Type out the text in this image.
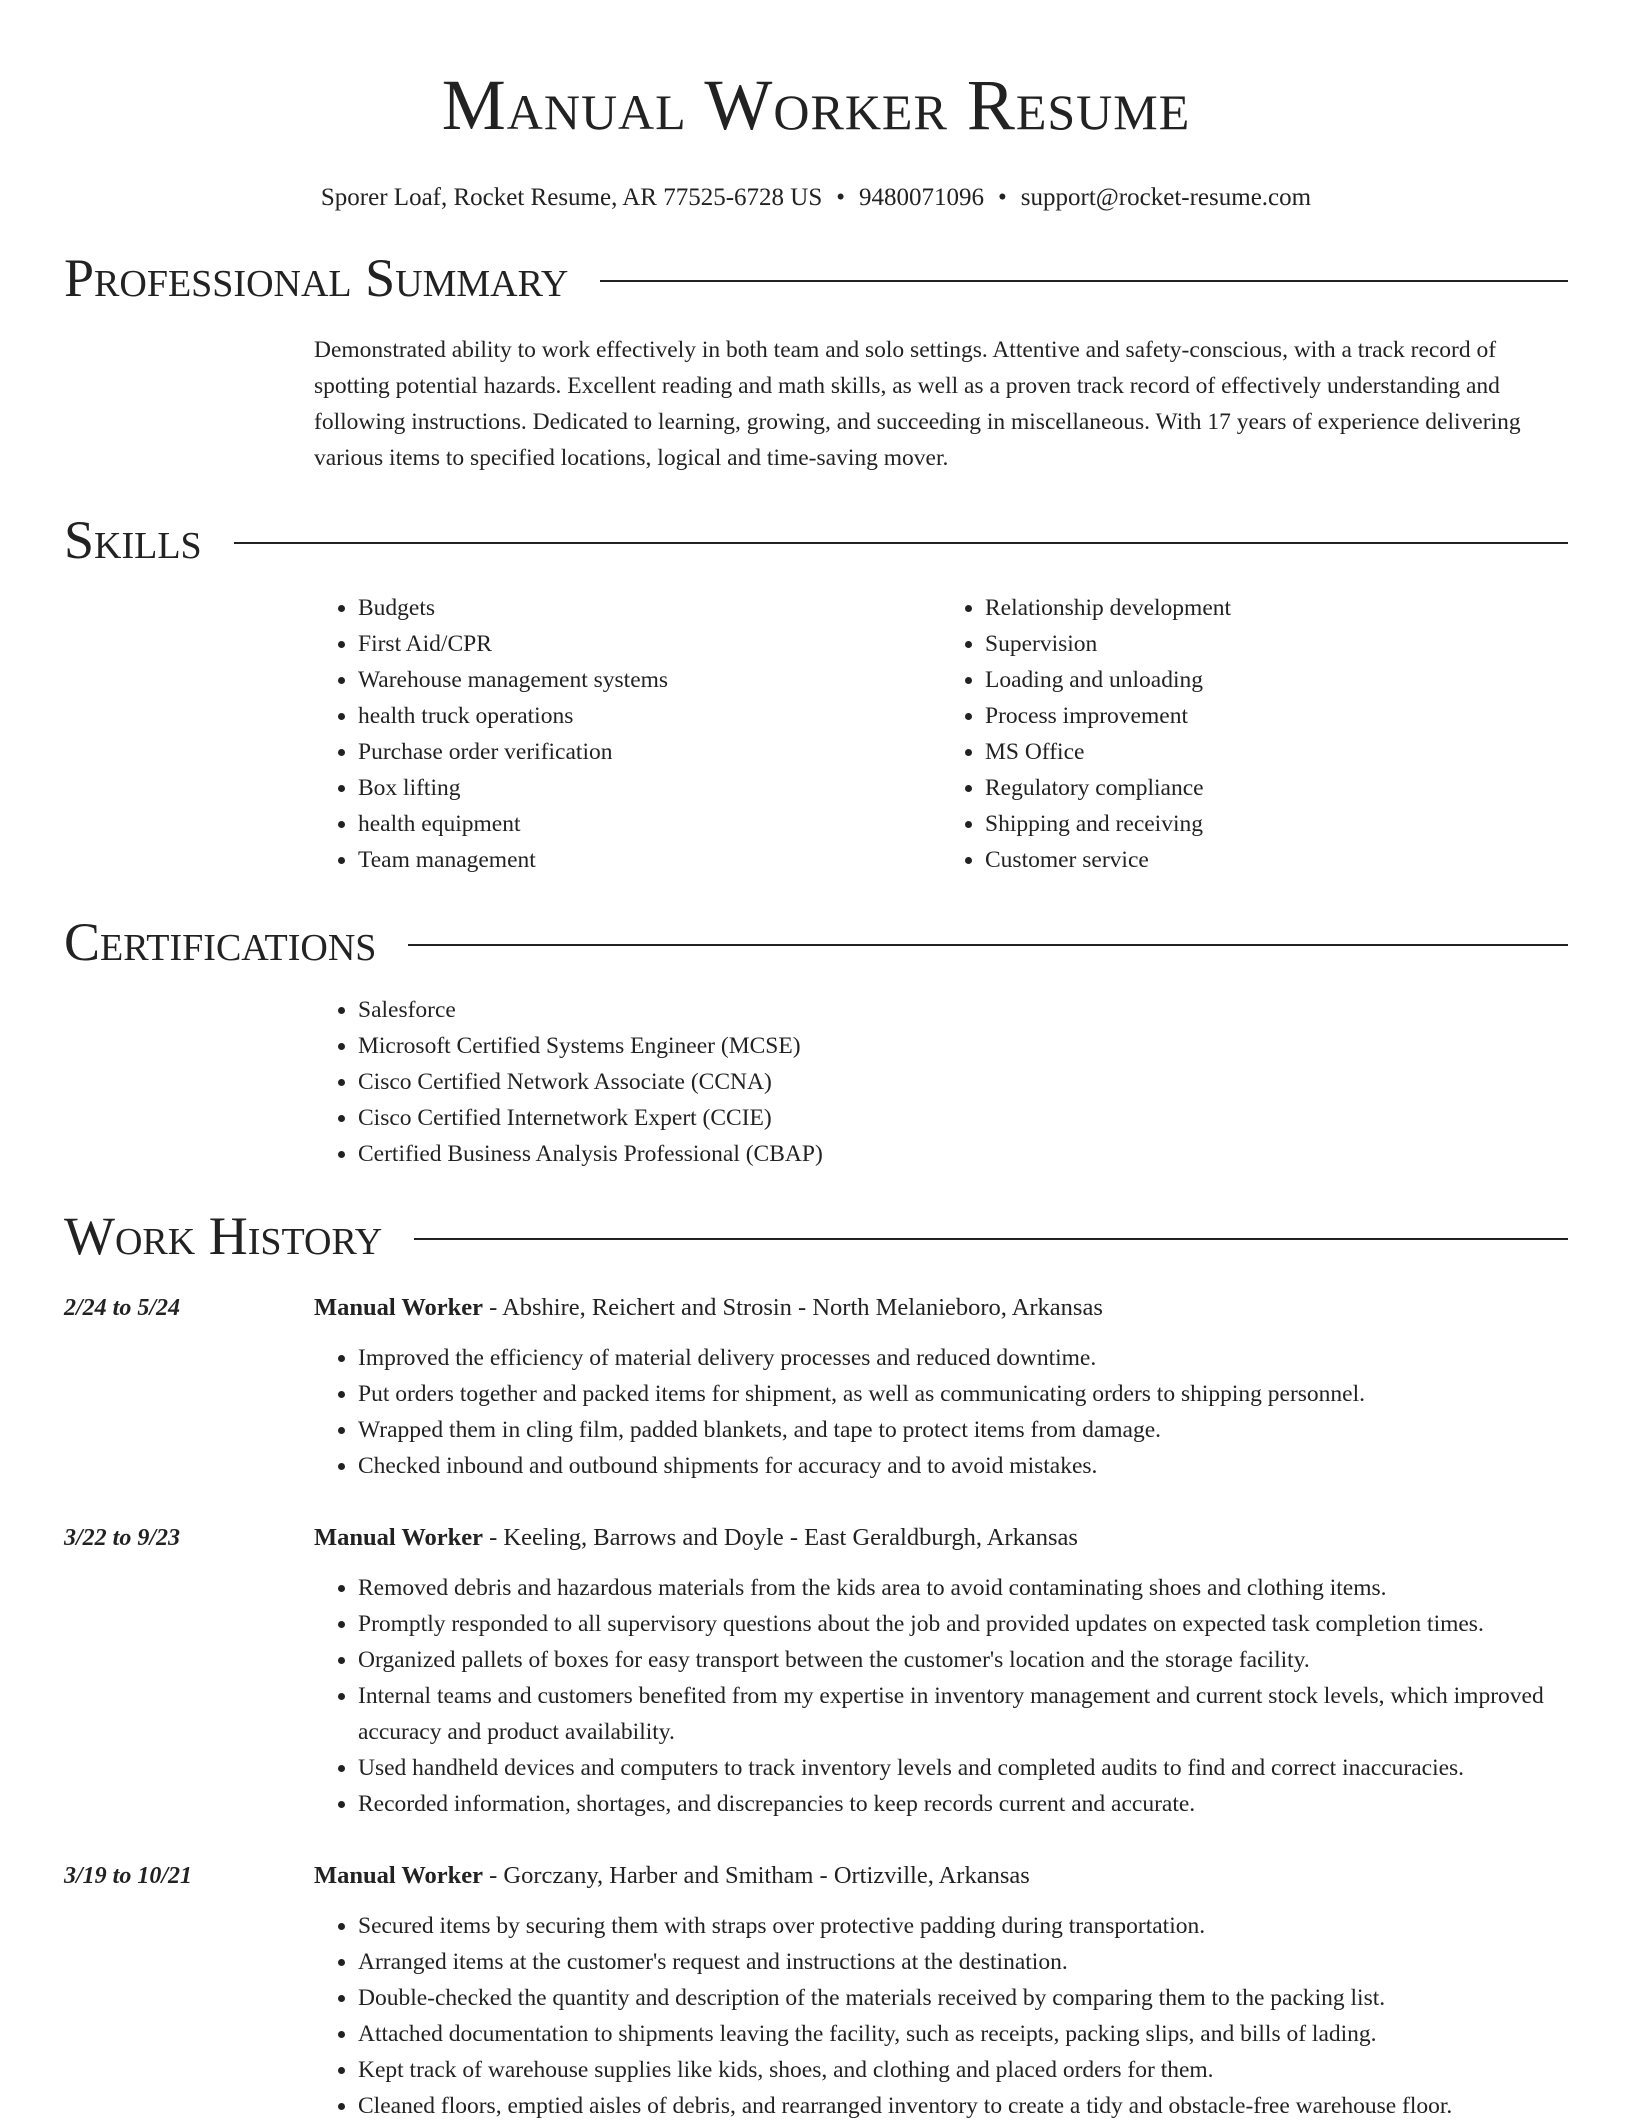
Manual Worker Resume
Sporer Loaf, Rocket Resume, AR 77525-6728 US • 9480071096 • support@rocket-resume.com
Professional Summary
Demonstrated ability to work effectively in both team and solo settings. Attentive and safety-conscious, with a track record of spotting potential hazards. Excellent reading and math skills, as well as a proven track record of effectively understanding and following instructions. Dedicated to learning, growing, and succeeding in miscellaneous. With 17 years of experience delivering various items to specified locations, logical and time-saving mover.
Skills
• Budgets
• First Aid/CPR
• Warehouse management systems
• health truck operations
• Purchase order verification
• Box lifting
• health equipment
• Team management
• Relationship development
• Supervision
• Loading and unloading
• Process improvement
• MS Office
• Regulatory compliance
• Shipping and receiving
• Customer service
Certifications
• Salesforce
• Microsoft Certified Systems Engineer (MCSE)
• Cisco Certified Network Associate (CCNA)
• Cisco Certified Internetwork Expert (CCIE)
• Certified Business Analysis Professional (CBAP)
Work History
2/24 to 5/24	Manual Worker - Abshire, Reichert and Strosin - North Melanieboro, Arkansas
• Improved the efficiency of material delivery processes and reduced downtime.
• Put orders together and packed items for shipment, as well as communicating orders to shipping personnel.
• Wrapped them in cling film, padded blankets, and tape to protect items from damage.
• Checked inbound and outbound shipments for accuracy and to avoid mistakes.
3/22 to 9/23	Manual Worker - Keeling, Barrows and Doyle - East Geraldburgh, Arkansas
• Removed debris and hazardous materials from the kids area to avoid contaminating shoes and clothing items.
• Promptly responded to all supervisory questions about the job and provided updates on expected task completion times.
• Organized pallets of boxes for easy transport between the customer's location and the storage facility.
• Internal teams and customers benefited from my expertise in inventory management and current stock levels, which improved accuracy and product availability.
• Used handheld devices and computers to track inventory levels and completed audits to find and correct inaccuracies.
• Recorded information, shortages, and discrepancies to keep records current and accurate.
3/19 to 10/21	Manual Worker - Gorczany, Harber and Smitham - Ortizville, Arkansas
• Secured items by securing them with straps over protective padding during transportation.
• Arranged items at the customer's request and instructions at the destination.
• Double-checked the quantity and description of the materials received by comparing them to the packing list.
• Attached documentation to shipments leaving the facility, such as receipts, packing slips, and bills of lading.
• Kept track of warehouse supplies like kids, shoes, and clothing and placed orders for them.
• Cleaned floors, emptied aisles of debris, and rearranged inventory to create a tidy and obstacle-free warehouse floor.
